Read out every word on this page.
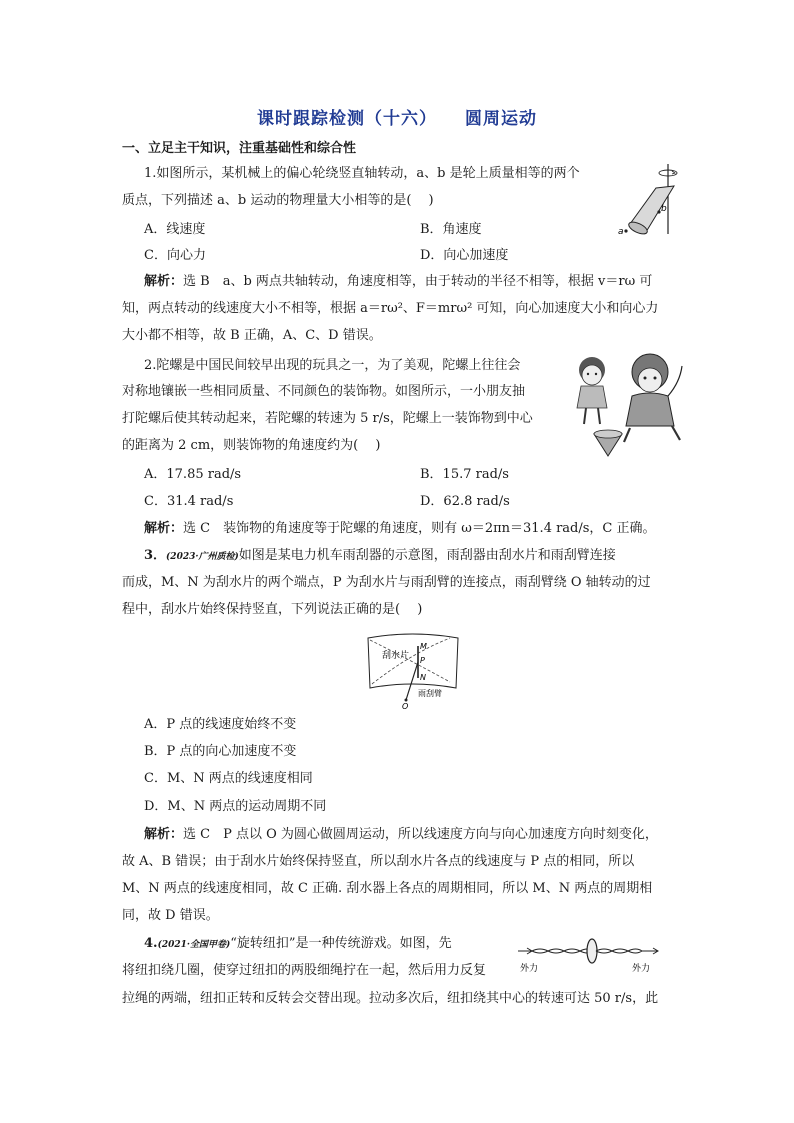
课时跟踪检测（十六） 圆周运动
一、立足主干知识，注重基础性和综合性
1.如图所示，某机械上的偏心轮绕竖直轴转动，a、b 是轮上质量相等的两个
质点，下列描述 a、b 运动的物理量大小相等的是(　 )
A．线速度	B．角速度
C．向心力	D．向心加速度
解析：选 B　a、b 两点共轴转动，角速度相等，由于转动的半径不相等，根据 v＝rω 可
知，两点转动的线速度大小不相等，根据 a＝rω²、F＝mrω² 可知，向心加速度大小和向心力
大小都不相等，故 B 正确，A、C、D 错误。
b
a
2.陀螺是中国民间较早出现的玩具之一，为了美观，陀螺上往往会
对称地镶嵌一些相同质量、不同颜色的装饰物。如图所示，一小朋友抽
打陀螺后使其转动起来，若陀螺的转速为 5 r/s，陀螺上一装饰物到中心
的距离为 2 cm，则装饰物的角速度约为(　 )
A．17.85 rad/s	B．15.7 rad/s
C．31.4 rad/s	D．62.8 rad/s
解析：选 C　装饰物的角速度等于陀螺的角速度，则有 ω＝2πn＝31.4 rad/s，C 正确。
3．(2023·广州质检)如图是某电力机车雨刮器的示意图，雨刮器由刮水片和雨刮臂连接
而成，M、N 为刮水片的两个端点，P 为刮水片与雨刮臂的连接点，雨刮臂绕 O 轴转动的过
程中，刮水片始终保持竖直，下列说法正确的是(　 )
刮水片
M
P
N
雨刮臂
O
A．P 点的线速度始终不变
B．P 点的向心加速度不变
C．M、N 两点的线速度相同
D．M、N 两点的运动周期不同
解析：选 C　P 点以 O 为圆心做圆周运动，所以线速度方向与向心加速度方向时刻变化，
故 A、B 错误；由于刮水片始终保持竖直，所以刮水片各点的线速度与 P 点的相同，所以
M、N 两点的线速度相同，故 C 正确. 刮水器上各点的周期相同，所以 M、N 两点的周期相
同，故 D 错误。
4.(2021·全国甲卷)“旋转纽扣”是一种传统游戏。如图，先
将纽扣绕几圈，使穿过纽扣的两股细绳拧在一起，然后用力反复
拉绳的两端，纽扣正转和反转会交替出现。拉动多次后，纽扣绕其中心的转速可达 50 r/s，此
外力	外力
